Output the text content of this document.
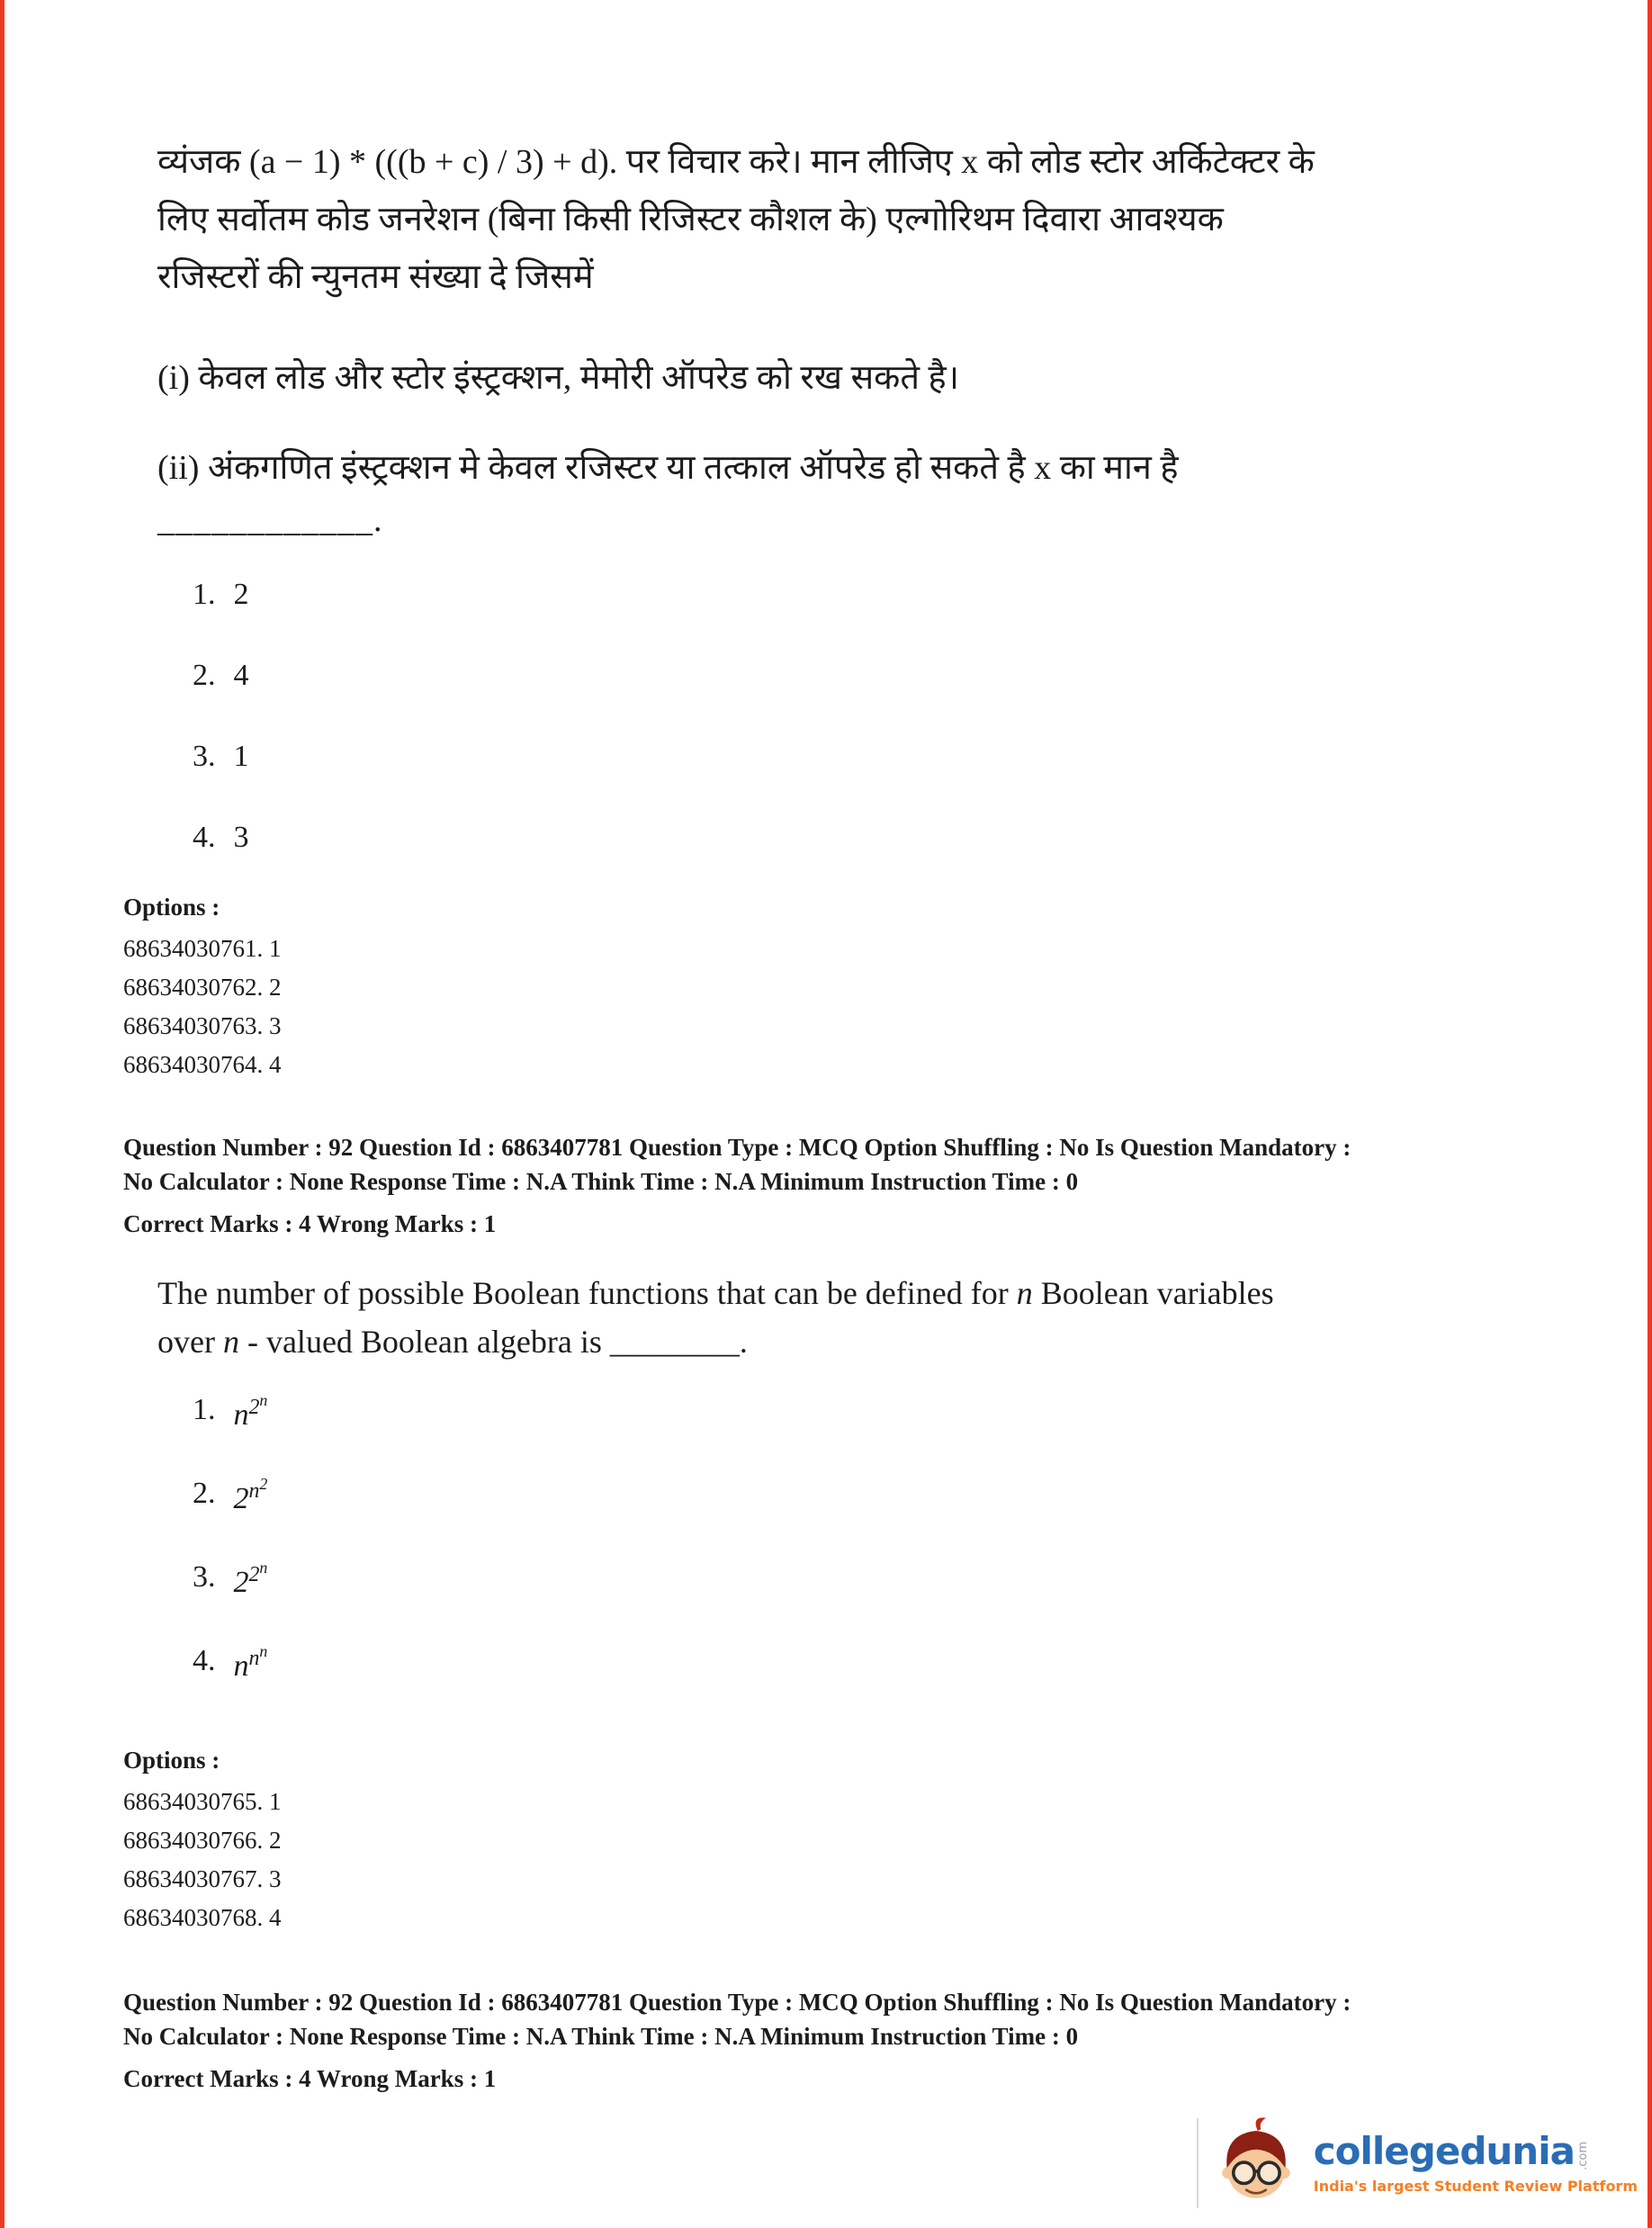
व्यंजक (a − 1) * (((b + c) / 3) + d). पर विचार करे। मान लीजिए x को लोड स्टोर अर्किटेक्टर के
लिए सर्वोतम कोड जनरेशन (बिना किसी रिजिस्टर कौशल के) एल्गोरिथम दिवारा आवश्यक
रजिस्टरों की न्युनतम संख्या दे जिसमें
(i) केवल लोड और स्टोर इंस्ट्रक्शन, मेमोरी ऑपरेड को रख सकते है।
(ii) अंकगणित इंस्ट्रक्शन मे केवल रजिस्टर या तत्काल ऑपरेड हो सकते है x का मान है
____________.
1. 2
2. 4
3. 1
4. 3
Options :
68634030761. 1
68634030762. 2
68634030763. 3
68634030764. 4
Question Number : 92 Question Id : 6863407781 Question Type : MCQ Option Shuffling : No Is Question Mandatory :
No Calculator : None Response Time : N.A Think Time : N.A Minimum Instruction Time : 0
Correct Marks : 4 Wrong Marks : 1
The number of possible Boolean functions that can be defined for n Boolean variables
over n - valued Boolean algebra is ________.
1. $n^{2^n}$
2. $2^{n^2}$
3. $2^{2^n}$
4. $n^{n^n}$
Options :
68634030765. 1
68634030766. 2
68634030767. 3
68634030768. 4
Question Number : 92 Question Id : 6863407781 Question Type : MCQ Option Shuffling : No Is Question Mandatory :
No Calculator : None Response Time : N.A Think Time : N.A Minimum Instruction Time : 0
Correct Marks : 4 Wrong Marks : 1
collegedunia .com
India's largest Student Review Platform
